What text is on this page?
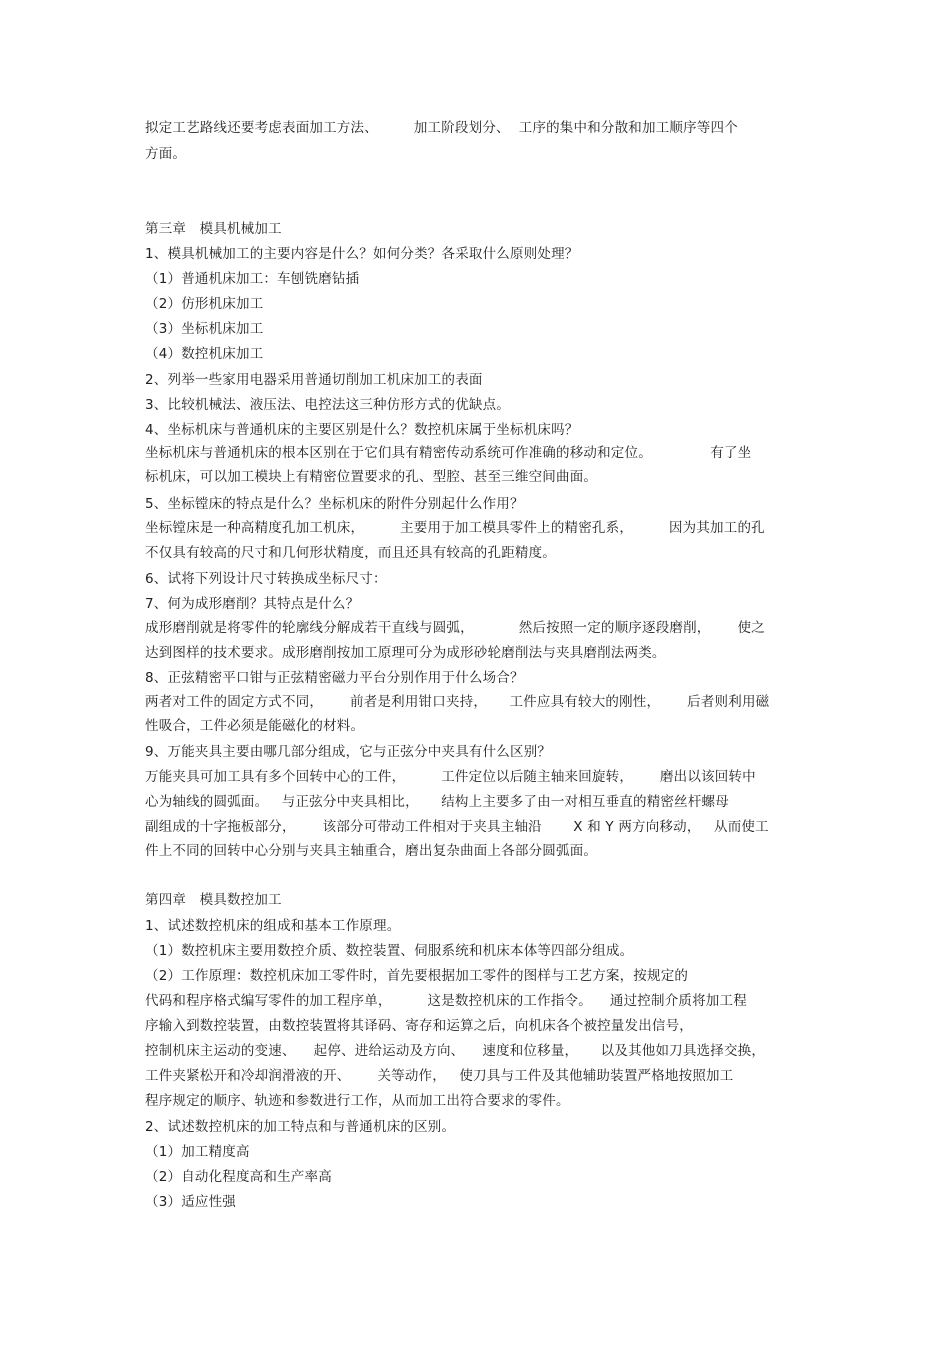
拟定工艺路线还要考虑表面加工方法、        加工阶段划分、  工序的集中和分散和加工顺序等四个
方面。
第三章   模具机械加工
1、模具机械加工的主要内容是什么？如何分类？各采取什么原则处理？
（1）普通机床加工：车刨铣磨钻插
（2）仿形机床加工
（3）坐标机床加工
（4）数控机床加工
2、列举一些家用电器采用普通切削加工机床加工的表面
3、比较机械法、液压法、电控法这三种仿形方式的优缺点。
4、坐标机床与普通机床的主要区别是什么？数控机床属于坐标机床吗？
坐标机床与普通机床的根本区别在于它们具有精密传动系统可作准确的移动和定位。             有了坐
标机床，可以加工模块上有精密位置要求的孔、型腔、甚至三维空间曲面。
5、坐标镗床的特点是什么？坐标机床的附件分别起什么作用？
坐标镗床是一种高精度孔加工机床，        主要用于加工模具零件上的精密孔系，        因为其加工的孔
不仅具有较高的尺寸和几何形状精度，而且还具有较高的孔距精度。
6、试将下列设计尺寸转换成坐标尺寸：
7、何为成形磨削？其特点是什么？
成形磨削就是将零件的轮廓线分解成若干直线与圆弧，          然后按照一定的顺序逐段磨削，      使之
达到图样的技术要求。成形磨削按加工原理可分为成形砂轮磨削法与夹具磨削法两类。
8、正弦精密平口钳与正弦精密磁力平台分别作用于什么场合？
两者对工件的固定方式不同，      前者是利用钳口夹持，     工件应具有较大的刚性，      后者则利用磁
性吸合，工件必须是能磁化的材料。
9、万能夹具主要由哪几部分组成，它与正弦分中夹具有什么区别？
万能夹具可加工具有多个回转中心的工件，        工件定位以后随主轴来回旋转，      磨出以该回转中
心为轴线的圆弧面。   与正弦分中夹具相比，     结构上主要多了由一对相互垂直的精密丝杆螺母
副组成的十字拖板部分，      该部分可带动工件相对于夹具主轴沿       X 和 Y 两方向移动，   从而使工
件上不同的回转中心分别与夹具主轴重合，磨出复杂曲面上各部分圆弧面。
第四章   模具数控加工
1、试述数控机床的组成和基本工作原理。
（1）数控机床主要用数控介质、数控装置、伺服系统和机床本体等四部分组成。
（2）工作原理：数控机床加工零件时，首先要根据加工零件的图样与工艺方案，按规定的
代码和程序格式编写零件的加工程序单，        这是数控机床的工作指令。    通过控制介质将加工程
序输入到数控装置，由数控装置将其译码、寄存和运算之后，向机床各个被控量发出信号，
控制机床主运动的变速、    起停、进给运动及方向、    速度和位移量，     以及其他如刀具选择交换，
工件夹紧松开和冷却润滑液的开、      关等动作，   使刀具与工件及其他辅助装置严格地按照加工
程序规定的顺序、轨迹和参数进行工作，从而加工出符合要求的零件。
2、试述数控机床的加工特点和与普通机床的区别。
（1）加工精度高
（2）自动化程度高和生产率高
（3）适应性强
